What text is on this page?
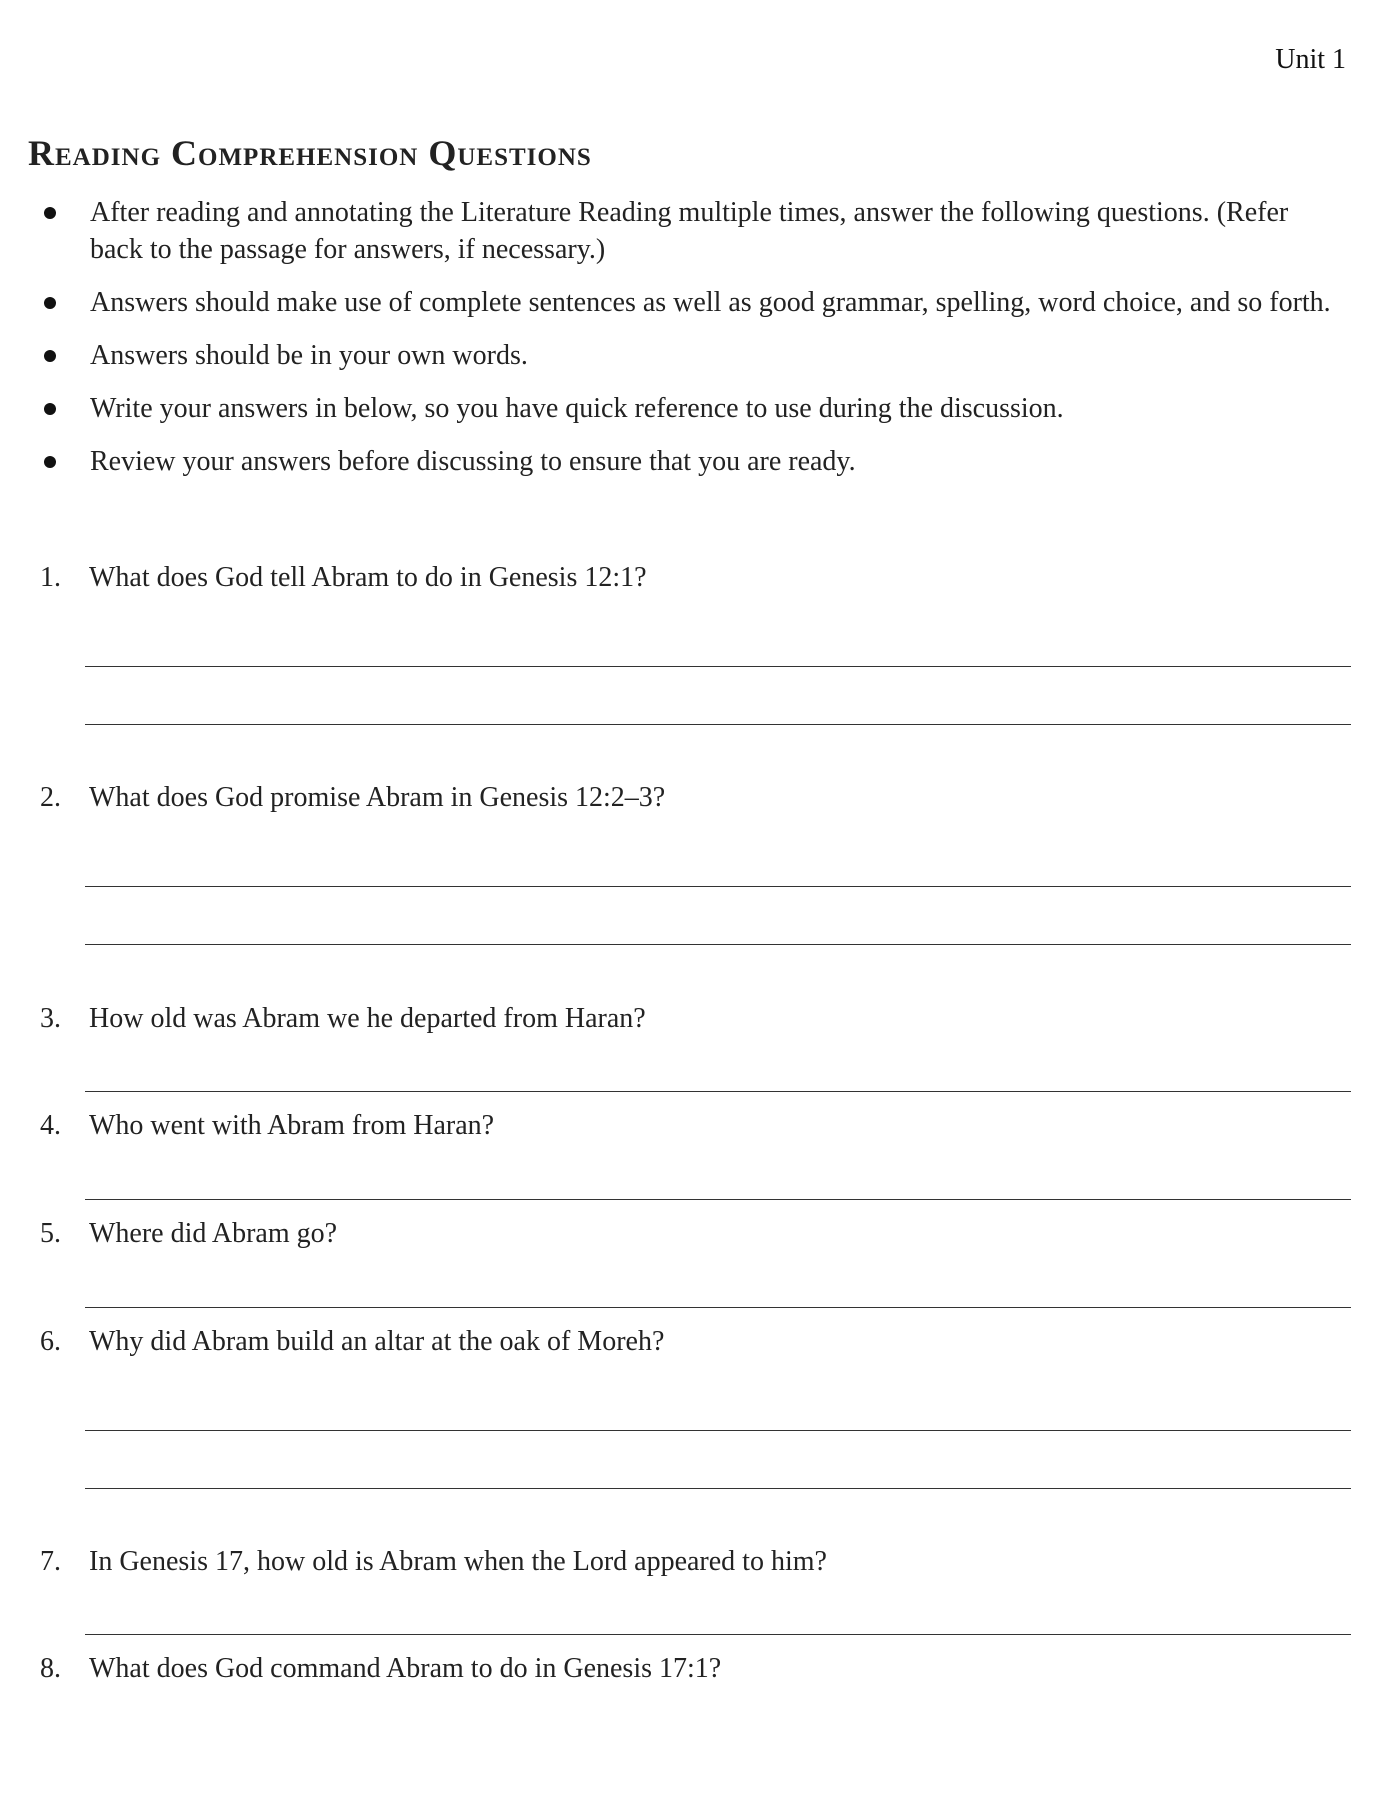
Unit 1
Reading Comprehension Questions
After reading and annotating the Literature Reading multiple times, answer the following questions. (Refer back to the passage for answers, if necessary.)
Answers should make use of complete sentences as well as good grammar, spelling, word choice, and so forth.
Answers should be in your own words.
Write your answers in below, so you have quick reference to use during the discussion.
Review your answers before discussing to ensure that you are ready.
1. What does God tell Abram to do in Genesis 12:1?
2. What does God promise Abram in Genesis 12:2–3?
3. How old was Abram we he departed from Haran?
4. Who went with Abram from Haran?
5. Where did Abram go?
6. Why did Abram build an altar at the oak of Moreh?
7. In Genesis 17, how old is Abram when the Lord appeared to him?
8. What does God command Abram to do in Genesis 17:1?
